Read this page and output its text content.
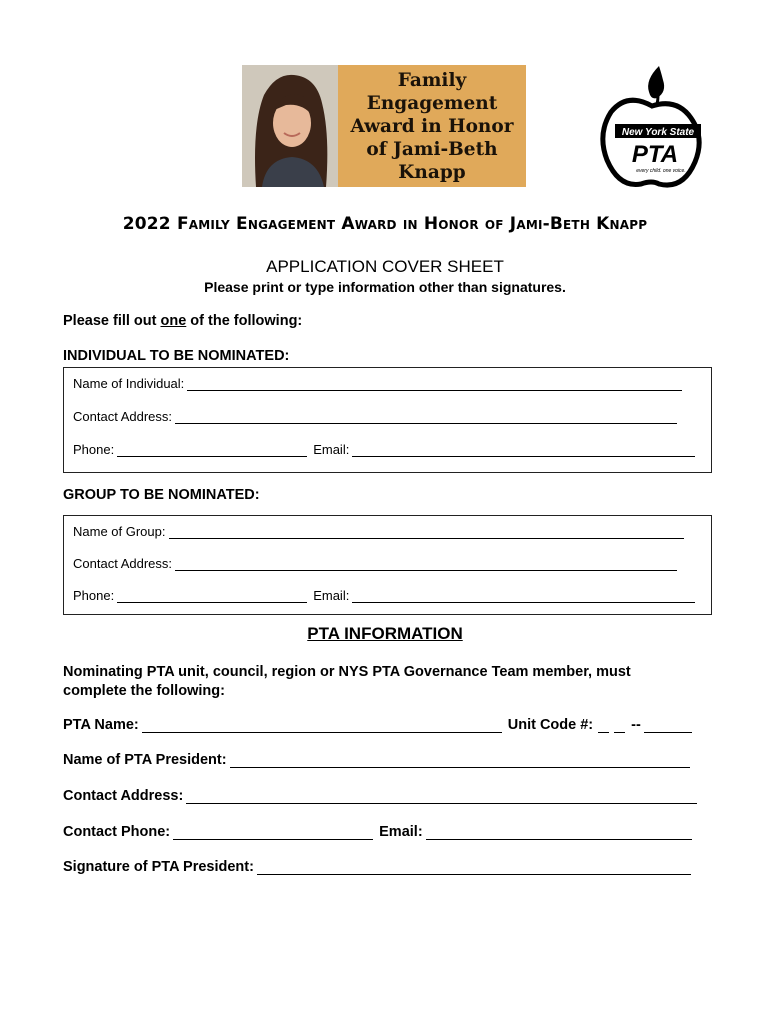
Family
Engagement
Award in Honor
of Jami-Beth
Knapp
New York State
PTA
every child. one voice.
2022 Family Engagement Award in Honor of Jami-Beth Knapp
APPLICATION COVER SHEET
Please print or type information other than signatures.
Please fill out one of the following:
INDIVIDUAL TO BE NOMINATED:
Name of Individual:
Contact Address:
Phone:	Email:
GROUP TO BE NOMINATED:
Name of Group:
Contact Address:
Phone:	Email:
PTA INFORMATION
Nominating PTA unit, council, region or NYS PTA Governance Team member, must
complete the following:
PTA Name:	Unit Code #:	--
Name of PTA President:
Contact Address:
Contact Phone:	Email:
Signature of PTA President:
